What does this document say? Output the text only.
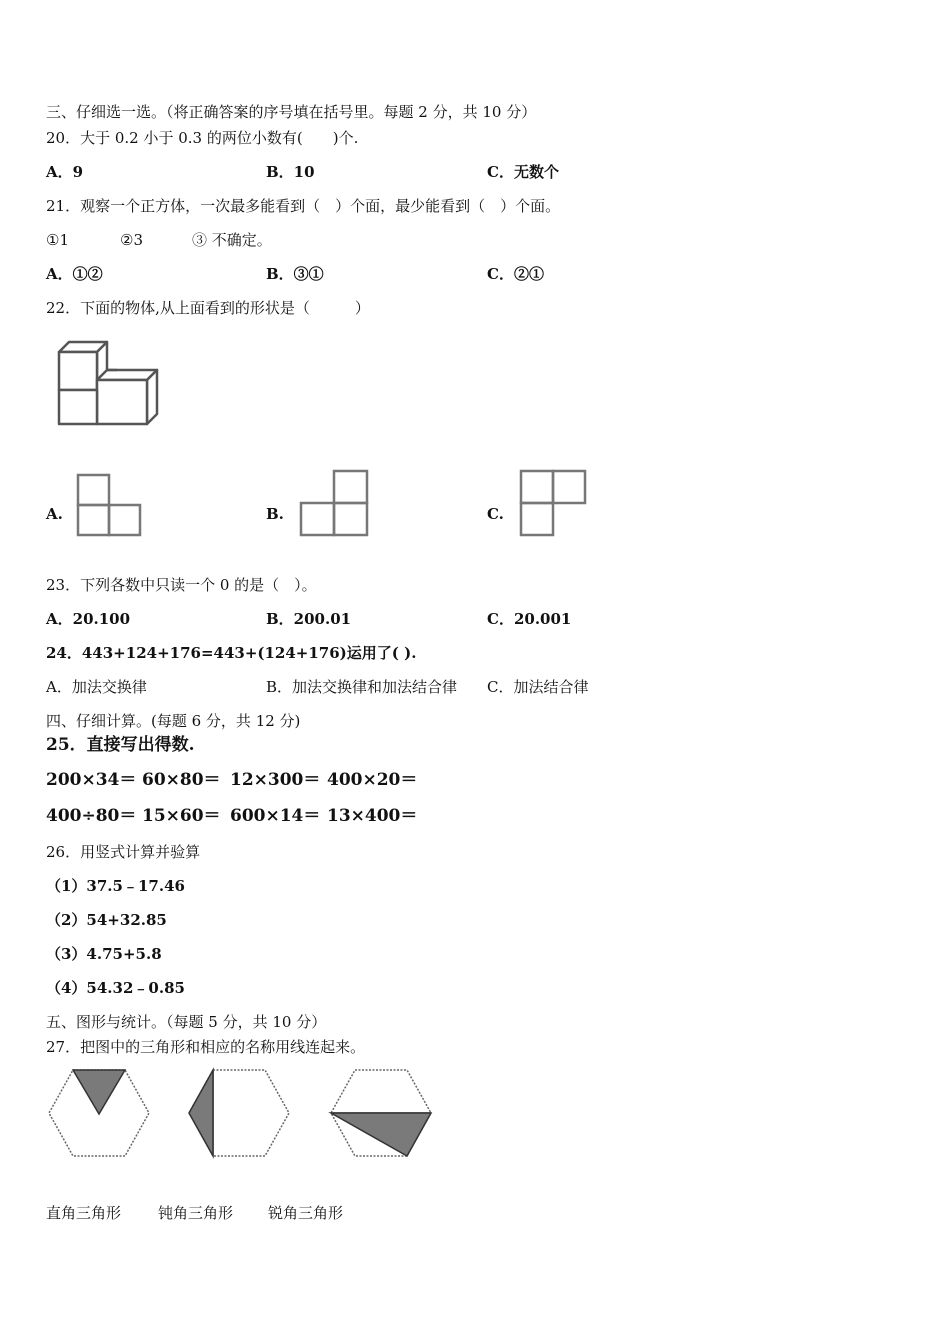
三、仔细选一选。（将正确答案的序号填在括号里。每题 2 分，共 10 分）
20．大于 0.2 小于 0.3 的两位小数有(　　)个.
A．9	B．10	C．无数个
21．观察一个正方体，一次最多能看到（　）个面，最少能看到（　）个面。
①1	②3	③ 不确定。
A．①②	B．③①	C．②①
22．下面的物体,从上面看到的形状是（　　　）
A.	B.	C.
23．下列各数中只读一个 0 的是（　）。
A．20.100	B．200.01	C．20.001
24．443+124+176=443+(124+176)运用了( ).
A．加法交换律	B．加法交换律和加法结合律 C．加法结合律
四、仔细计算。(每题 6 分，共 12 分)
25．直接写出得数.
200×34＝ 60×80＝ 12×300＝ 400×20＝
400÷80＝ 15×60＝ 600×14＝ 13×400＝
26．用竖式计算并验算
（1）37.5﹣17.46
（2）54+32.85
（3）4.75+5.8
（4）54.32﹣0.85
五、图形与统计。（每题 5 分，共 10 分）
27．把图中的三角形和相应的名称用线连起来。
直角三角形 钝角三角形 锐角三角形
